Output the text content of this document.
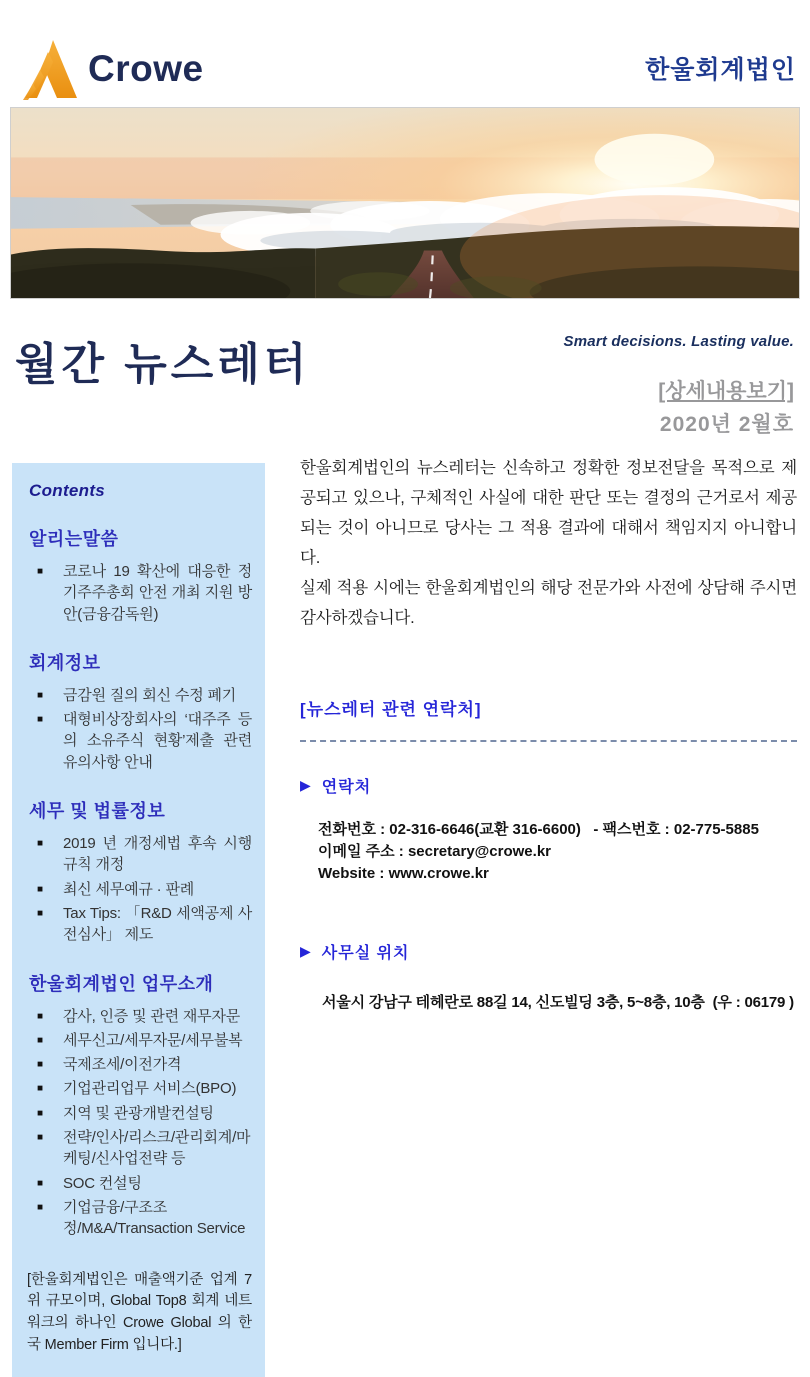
Crowe	한울회계법인
월간 뉴스레터	Smart decisions. Lasting value.
[상세내용보기]
2020년 2월호
Contents
알리는말씀
■	코로나 19 확산에 대응한 정기주주총회 안전 개최 지원 방안(금융감독원)
회계정보
■	금감원 질의 회신 수정 폐기
■	대형비상장회사의 ‘대주주 등의 소유주식 현황’제출 관련 유의사항 안내
세무 및 법률정보
■	2019 년 개정세법 후속 시행 규칙 개정
■	최신 세무예규 · 판례
■	Tax Tips: 「R&D 세액공제 사전심사」 제도
한울회계법인 업무소개
■	감사, 인증 및 관련 재무자문
■	세무신고/세무자문/세무불복
■	국제조세/이전가격
■	기업관리업무 서비스(BPO)
■	지역 및 관광개발컨설팅
■	전략/인사/리스크/관리회계/마케팅/신사업전략 등
■	SOC 컨설팅
■	기업금융/구조조정/M&A/Transaction Service
[한울회계법인은 매출액기준 업계 7 위 규모이며, Global Top8 회계 네트워크의 하나인 Crowe Global 의 한국 Member Firm 입니다.]

한울회계법인의 뉴스레터는 신속하고 정확한 정보전달을 목적으로 제공되고 있으나, 구체적인 사실에 대한 판단 또는 결정의 근거로서 제공되는 것이 아니므로 당사는 그 적용 결과에 대해서 책임지지 아니합니다.

실제 적용 시에는 한울회계법인의 해당 전문가와 사전에 상담해 주시면 감사하겠습니다.

[뉴스레터 관련 연락처]
▶ 연락처
전화번호 : 02-316-6646(교환 316-6600)   - 팩스번호 : 02-775-5885
이메일 주소 : secretary@crowe.kr
Website : www.crowe.kr
▶ 사무실 위치
서울시 강남구 테헤란로 88길 14, 신도빌딩 3층, 5~8층, 10층  (우 : 06179 )
